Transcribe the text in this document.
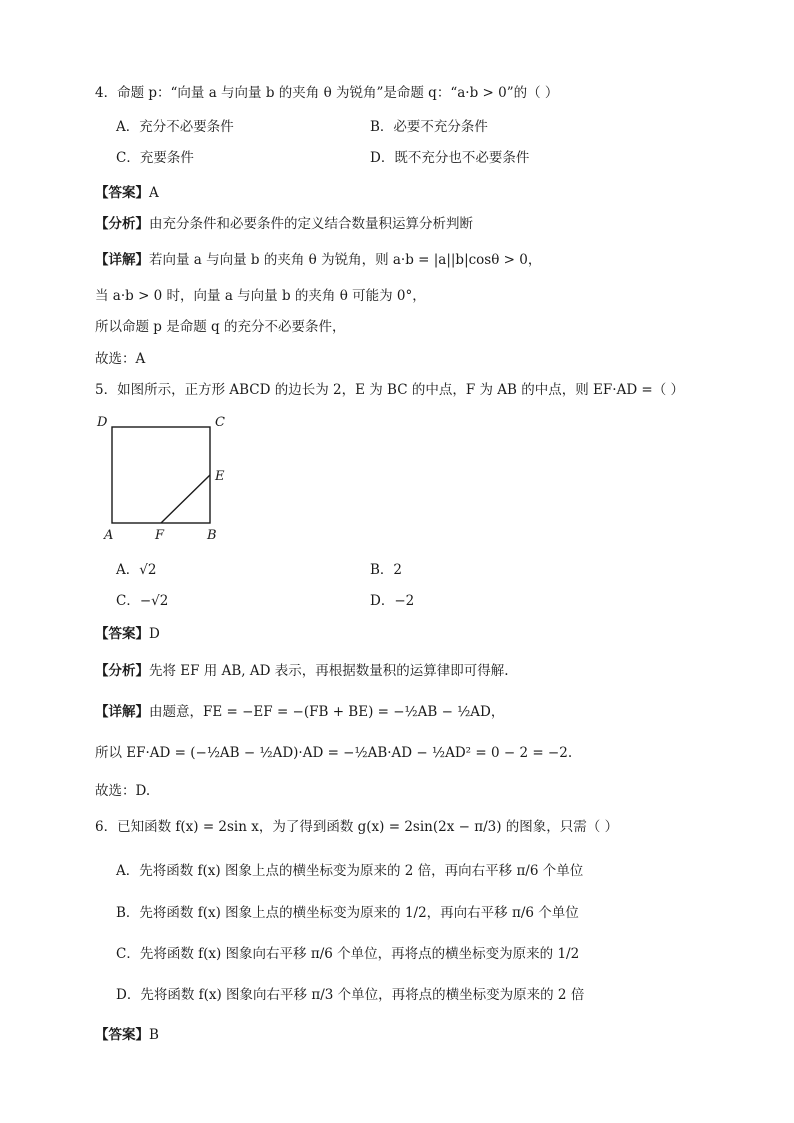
4．命题 p：“向量 a 与向量 b 的夹角 θ 为锐角”是命题 q：“a·b > 0”的（ ）
A．充分不必要条件	B．必要不充分条件
C．充要条件	D．既不充分也不必要条件
【答案】A
【分析】由充分条件和必要条件的定义结合数量积运算分析判断
【详解】若向量 a 与向量 b 的夹角 θ 为锐角，则 a·b = |a||b|cosθ > 0，
当 a·b > 0 时，向量 a 与向量 b 的夹角 θ 可能为 0°，
所以命题 p 是命题 q 的充分不必要条件，
故选：A
5．如图所示，正方形 ABCD 的边长为 2，E 为 BC 的中点，F 为 AB 的中点，则 EF·AD =（ ）
D	C
E
A	F	B
A．√2	B．2
C．−√2	D．−2
【答案】D
【分析】先将 EF 用 AB, AD 表示，再根据数量积的运算律即可得解.
【详解】由题意，FE = −EF = −(FB + BE) = −½AB − ½AD，
所以 EF·AD = (−½AB − ½AD)·AD = −½AB·AD − ½AD² = 0 − 2 = −2.
故选：D.
6．已知函数 f(x) = 2sin x，为了得到函数 g(x) = 2sin(2x − π/3) 的图象，只需（ ）
A．先将函数 f(x) 图象上点的横坐标变为原来的 2 倍，再向右平移 π/6 个单位
B．先将函数 f(x) 图象上点的横坐标变为原来的 1/2，再向右平移 π/6 个单位
C．先将函数 f(x) 图象向右平移 π/6 个单位，再将点的横坐标变为原来的 1/2
D．先将函数 f(x) 图象向右平移 π/3 个单位，再将点的横坐标变为原来的 2 倍
【答案】B
